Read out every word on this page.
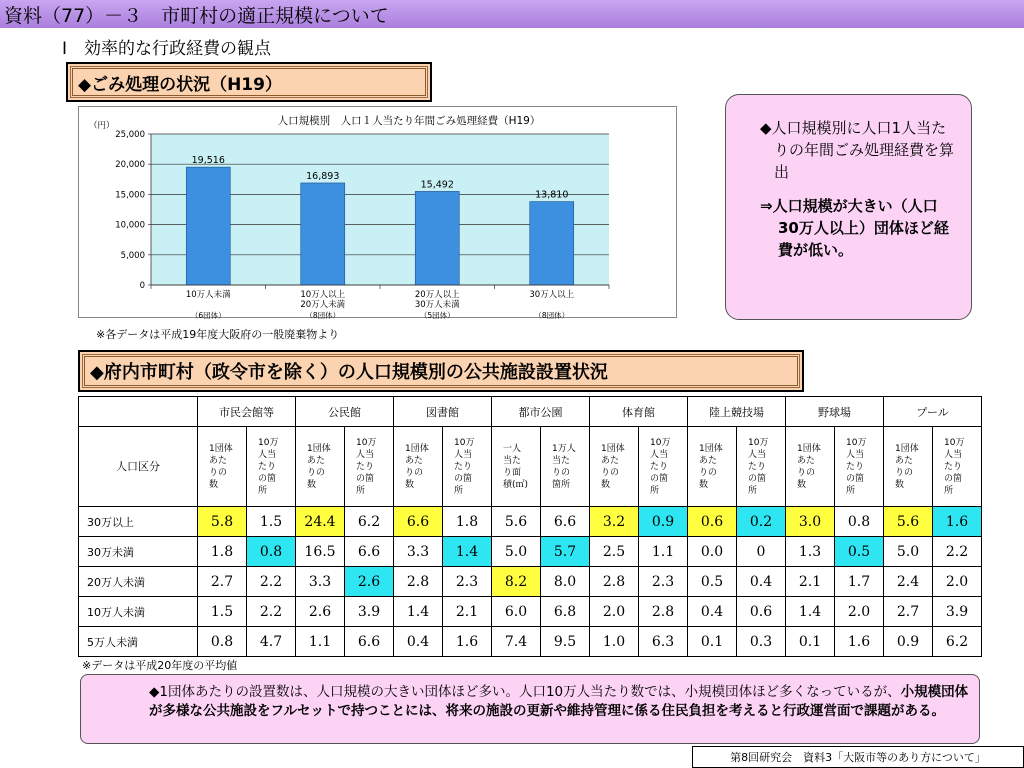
資料（77）－３　市町村の適正規模について
Ⅰ　効率的な行政経費の観点
◆ごみ処理の状況（H19）
人口規模別　人口１人当たり年間ごみ処理経費（H19）
（円）
0
5,000
10,000
15,000
20,000
25,000
19,516
10万人未満
（6団体）
16,893
10万人以上
20万人未満
（8団体）
15,492
20万人以上
30万人未満
（5団体）
13,810
30万人以上
（8団体）
※各データは平成19年度大阪府の一般廃棄物より
◆人口規模別に人口1人当たりの年間ごみ処理経費を算出
⇒人口規模が大きい（人口30万人以上）団体ほど経費が低い。
◆府内市町村（政令市を除く）の人口規模別の公共施設設置状況
	市民会館等		公民館		図書館		都市公園		体育館		陸上競技場		野球場		プール	
人口区分	1団体あたりの数	10万人当たりの箇所	1団体あたりの数	10万人当たりの箇所	1団体あたりの数	10万人当たりの箇所	一人当たり面積(㎡)	1万人当たりの箇所	1団体あたりの数	10万人当たりの箇所	1団体あたりの数	10万人当たりの箇所	1団体あたりの数	10万人当たりの箇所	1団体あたりの数	10万人当たりの箇所
30万以上	5.8	1.5	24.4	6.2	6.6	1.8	5.6	6.6	3.2	0.9	0.6	0.2	3.0	0.8	5.6	1.6
30万未満	1.8	0.8	16.5	6.6	3.3	1.4	5.0	5.7	2.5	1.1	0.0	0	1.3	0.5	5.0	2.2
20万人未満	2.7	2.2	3.3	2.6	2.8	2.3	8.2	8.0	2.8	2.3	0.5	0.4	2.1	1.7	2.4	2.0
10万人未満	1.5	2.2	2.6	3.9	1.4	2.1	6.0	6.8	2.0	2.8	0.4	0.6	1.4	2.0	2.7	3.9
5万人未満	0.8	4.7	1.1	6.6	0.4	1.6	7.4	9.5	1.0	6.3	0.1	0.3	0.1	1.6	0.9	6.2
※データは平成20年度の平均値
◆1団体あたりの設置数は、人口規模の大きい団体ほど多い。人口10万人当たり数では、小規模団体ほど多くなっているが、小規模団体が多様な公共施設をフルセットで持つことには、将来の施設の更新や維持管理に係る住民負担を考えると行政運営面で課題がある。
第8回研究会　資料3「大阪市等のあり方について」
